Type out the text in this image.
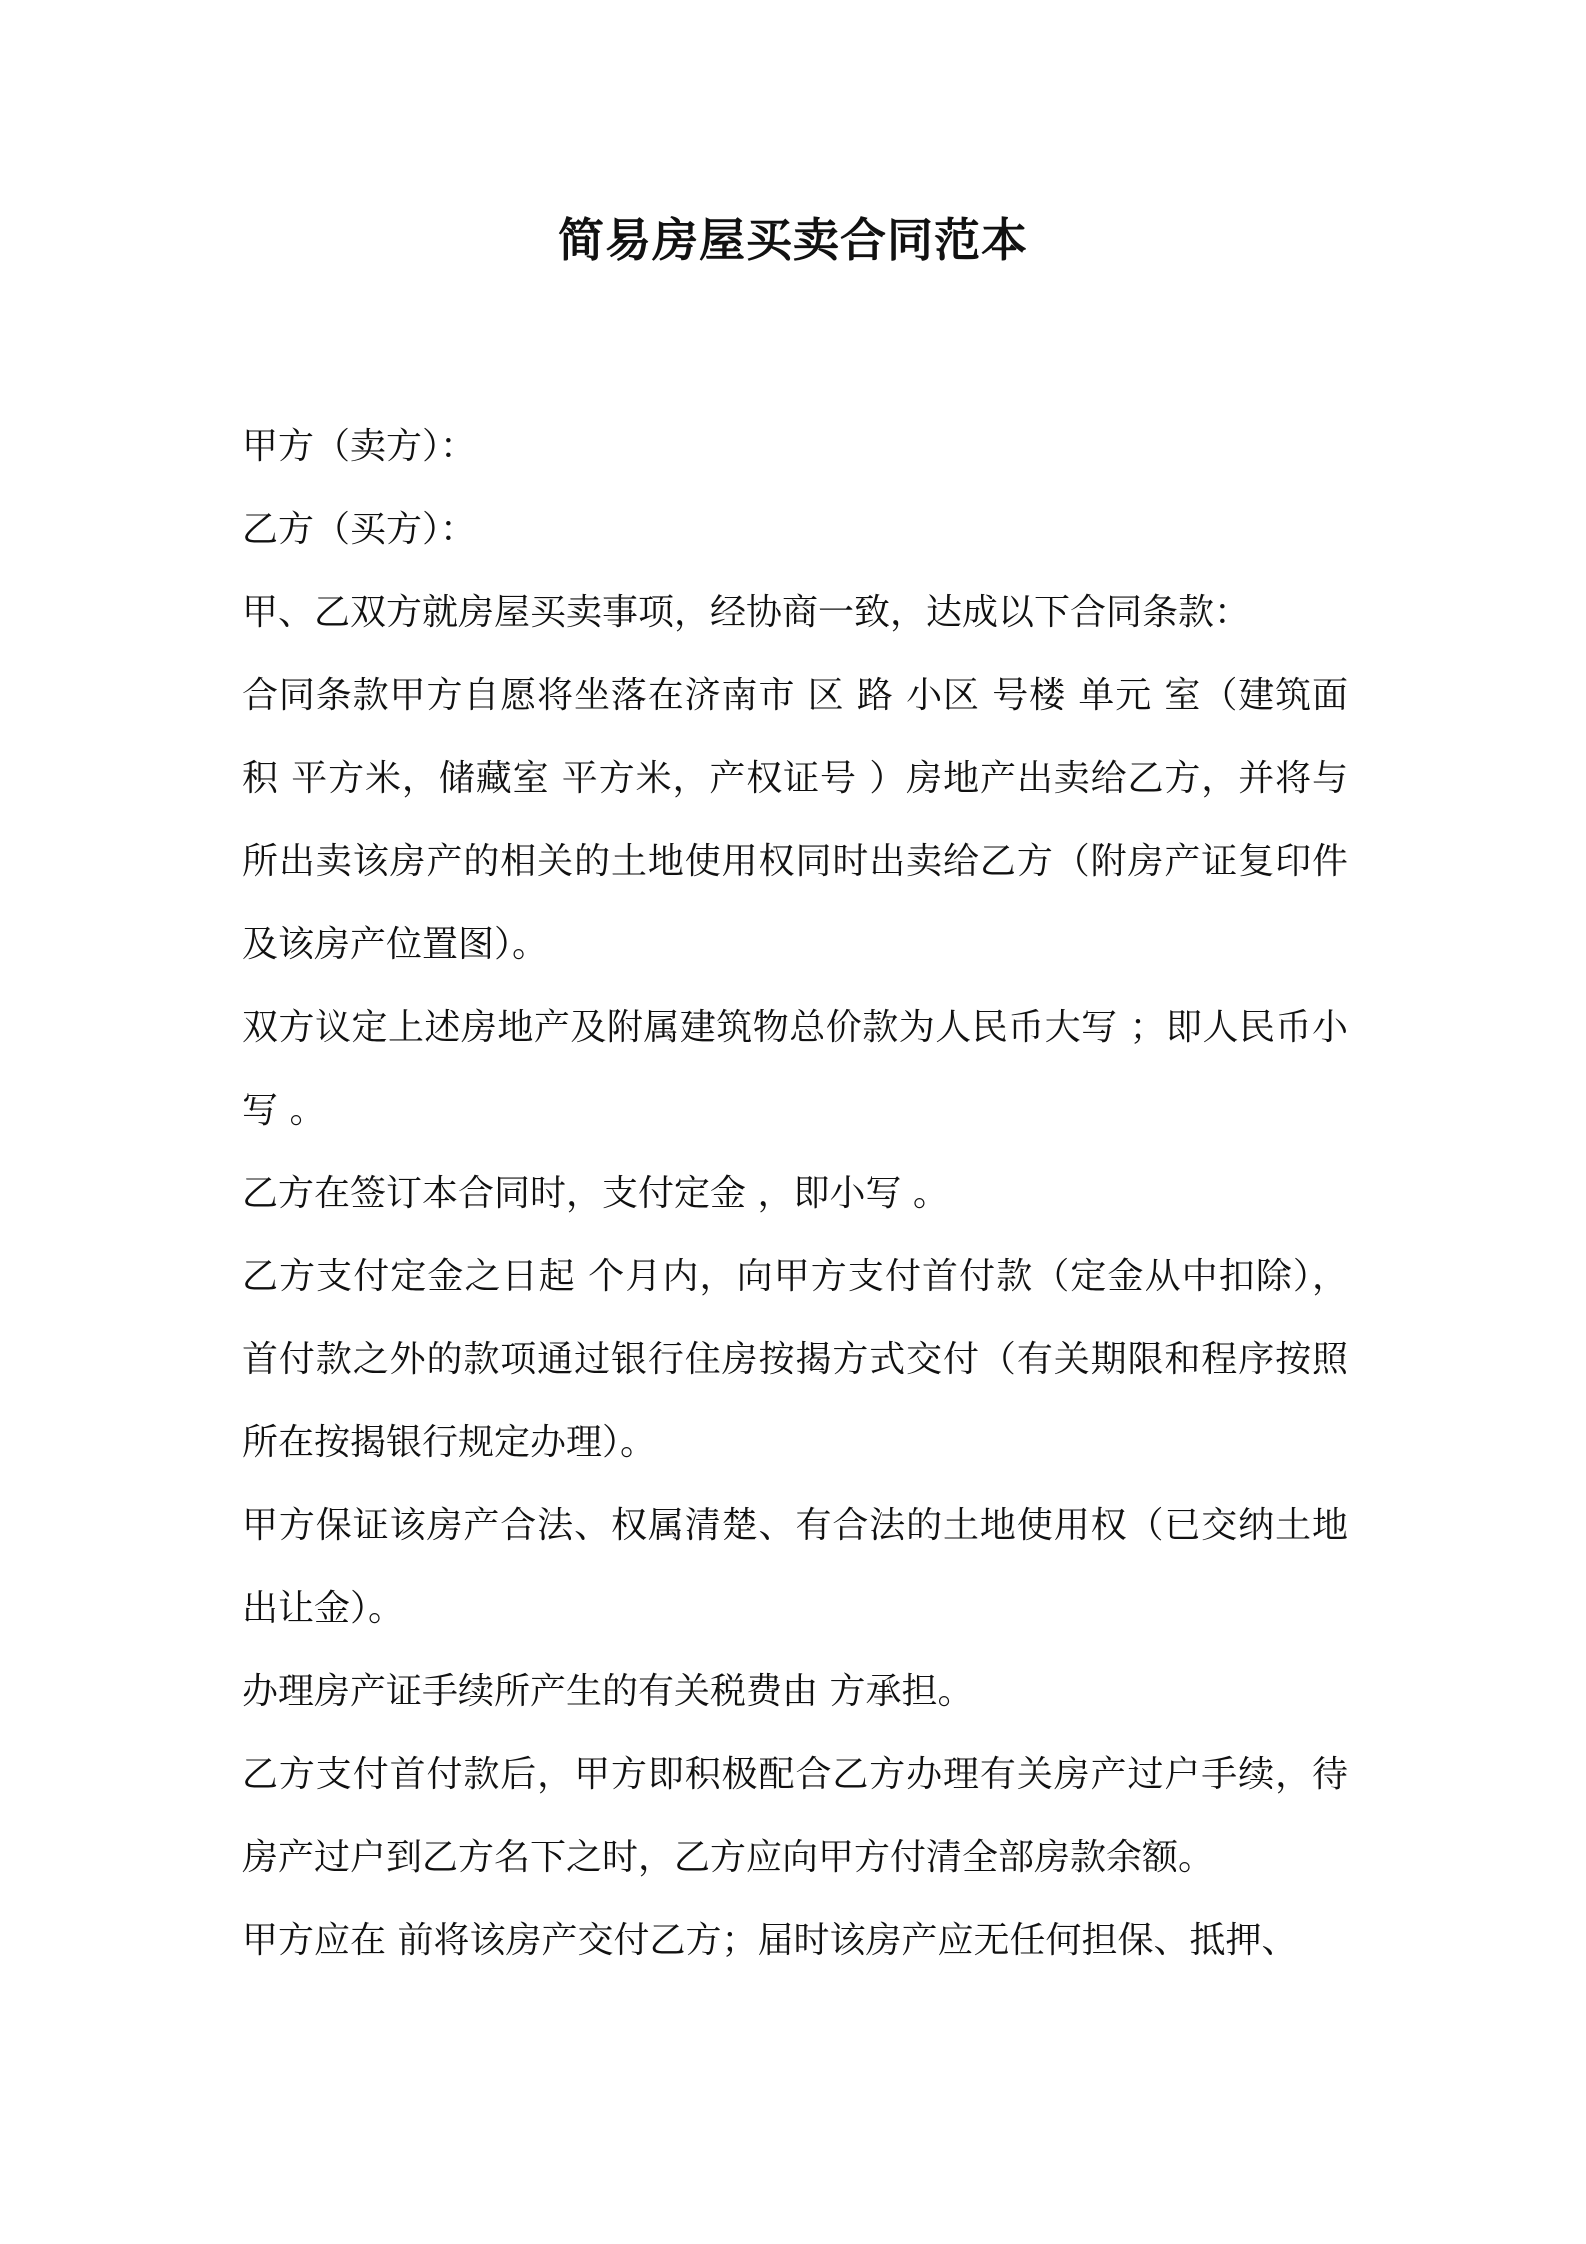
简易房屋买卖合同范本

甲方（卖方）：

乙方（买方）：

甲、乙双方就房屋买卖事项，经协商一致，达成以下合同条款：

合同条款甲方自愿将坐落在济南市 区 路 小区 号楼 单元 室（建筑面积 平方米，储藏室 平方米，产权证号 ）房地产出卖给乙方，并将与所出卖该房产的相关的土地使用权同时出卖给乙方（附房产证复印件及该房产位置图）。

双方议定上述房地产及附属建筑物总价款为人民币大写 ；即人民币小写 。

乙方在签订本合同时，支付定金 ，即小写 。

乙方支付定金之日起 个月内，向甲方支付首付款（定金从中扣除），首付款之外的款项通过银行住房按揭方式交付（有关期限和程序按照所在按揭银行规定办理）。

甲方保证该房产合法、权属清楚、有合法的土地使用权（已交纳土地出让金）。

办理房产证手续所产生的有关税费由 方承担。

乙方支付首付款后，甲方即积极配合乙方办理有关房产过户手续，待房产过户到乙方名下之时，乙方应向甲方付清全部房款余额。

甲方应在 前将该房产交付乙方；届时该房产应无任何担保、抵押、
